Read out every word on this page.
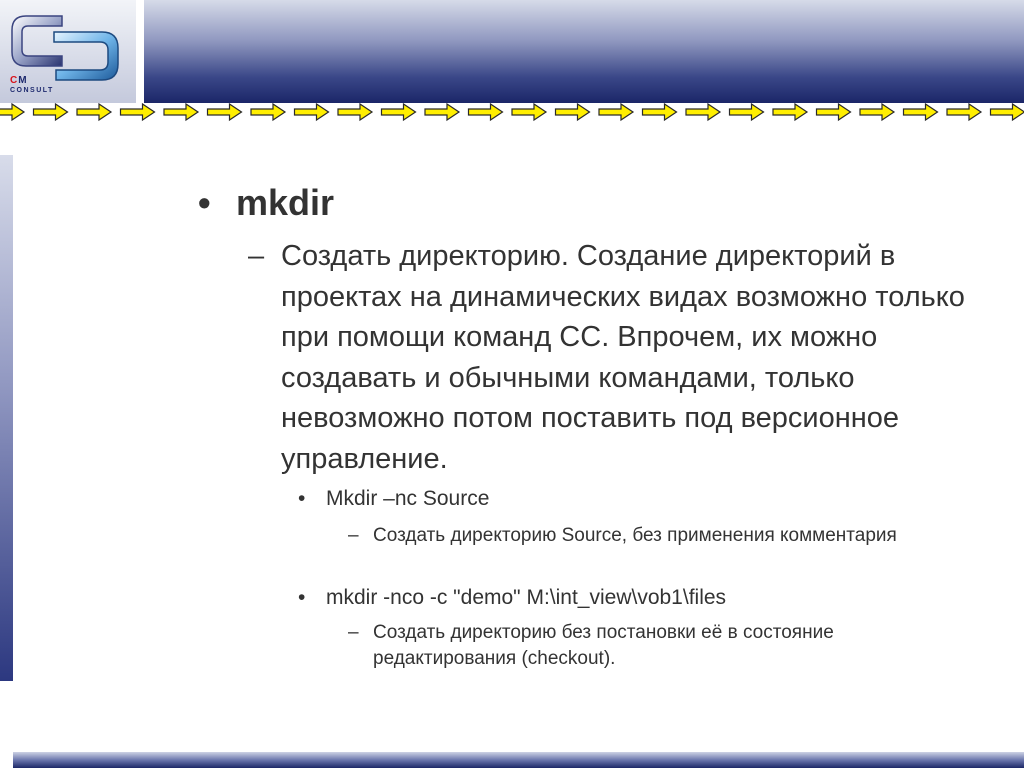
CM
CONSULT
• mkdir
– Создать директорию. Создание директорий в проектах на динамических видах возможно только при помощи команд СС. Впрочем, их можно создавать и обычными командами, только невозможно потом поставить под версионное управление.
• Mkdir –nc Source
– Создать директорию Source, без применения комментария
• mkdir -nco -c "demo" M:\int_view\vob1\files
– Создать директорию без постановки её в состояние редактирования (checkout).
